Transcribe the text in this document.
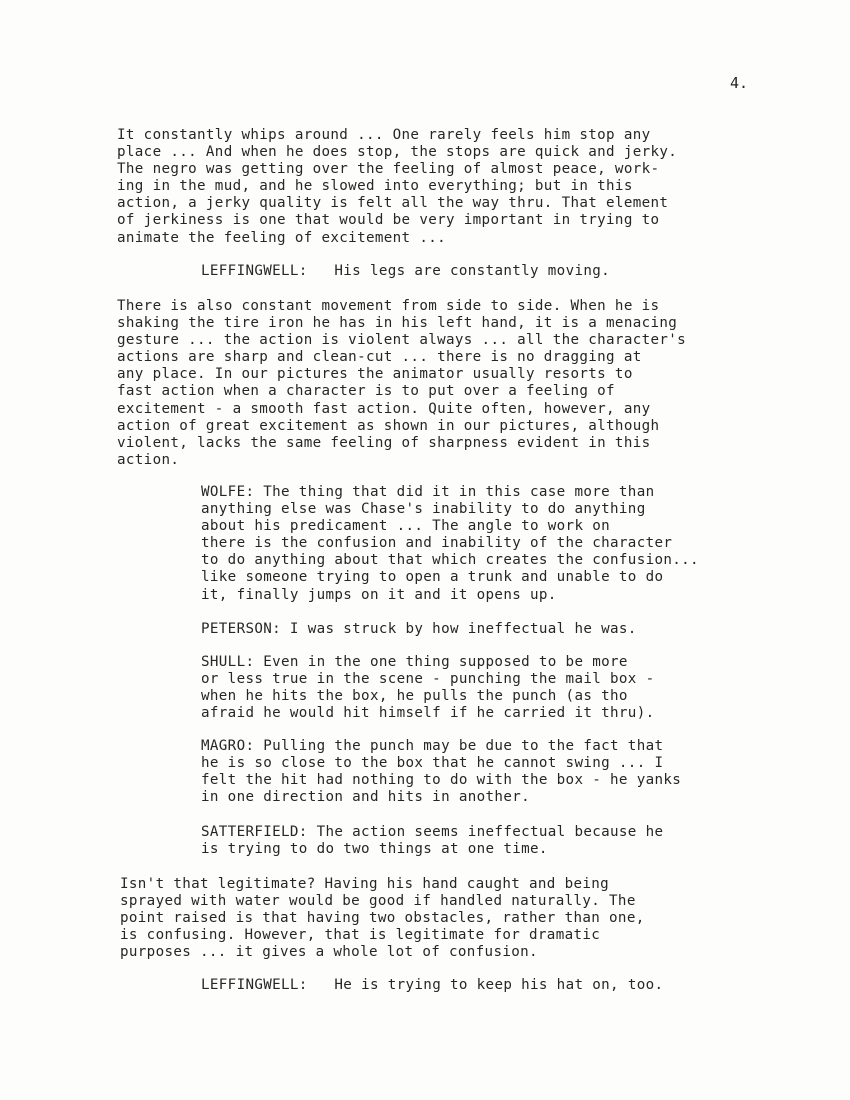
4.

It constantly whips around ... One rarely feels him stop any
place ... And when he does stop, the stops are quick and jerky.
The negro was getting over the feeling of almost peace, work-
ing in the mud, and he slowed into everything; but in this
action, a jerky quality is felt all the way thru. That element
of jerkiness is one that would be very important in trying to
animate the feeling of excitement ...

LEFFINGWELL: His legs are constantly moving.

There is also constant movement from side to side. When he is
shaking the tire iron he has in his left hand, it is a menacing
gesture ... the action is violent always ... all the character's
actions are sharp and clean-cut ... there is no dragging at
any place. In our pictures the animator usually resorts to
fast action when a character is to put over a feeling of
excitement - a smooth fast action. Quite often, however, any
action of great excitement as shown in our pictures, although
violent, lacks the same feeling of sharpness evident in this
action.

WOLFE: The thing that did it in this case more than
anything else was Chase's inability to do anything
about his predicament ... The angle to work on
there is the confusion and inability of the character
to do anything about that which creates the confusion...
like someone trying to open a trunk and unable to do
it, finally jumps on it and it opens up.

PETERSON: I was struck by how ineffectual he was.

SHULL: Even in the one thing supposed to be more
or less true in the scene - punching the mail box -
when he hits the box, he pulls the punch (as tho
afraid he would hit himself if he carried it thru).

MAGRO: Pulling the punch may be due to the fact that
he is so close to the box that he cannot swing ... I
felt the hit had nothing to do with the box - he yanks
in one direction and hits in another.

SATTERFIELD: The action seems ineffectual because he
is trying to do two things at one time.

Isn't that legitimate? Having his hand caught and being
sprayed with water would be good if handled naturally. The
point raised is that having two obstacles, rather than one,
is confusing. However, that is legitimate for dramatic
purposes ... it gives a whole lot of confusion.

LEFFINGWELL: He is trying to keep his hat on, too.
